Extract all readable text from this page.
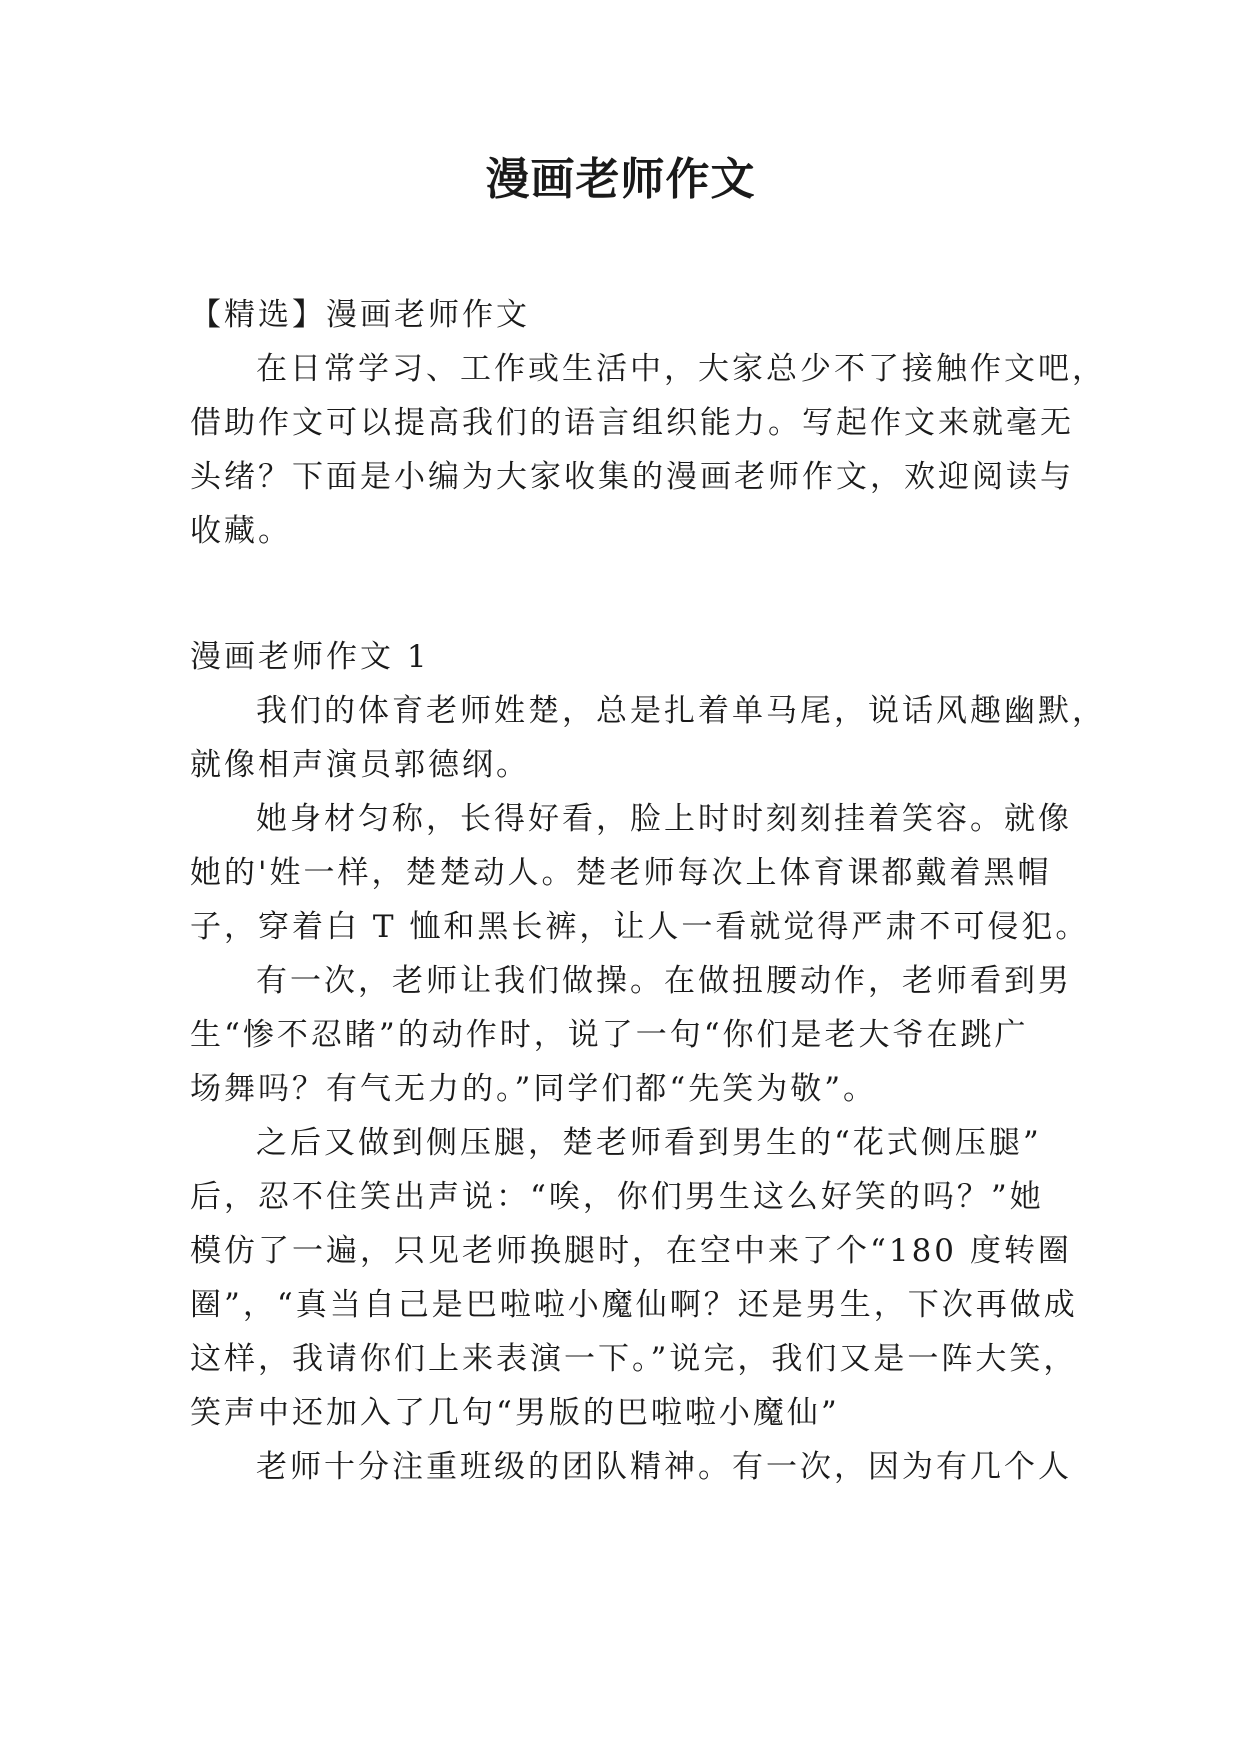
漫画老师作文

【精选】漫画老师作文

在日常学习、工作或生活中，大家总少不了接触作文吧，

借助作文可以提高我们的语言组织能力。写起作文来就毫无

头绪？下面是小编为大家收集的漫画老师作文，欢迎阅读与

收藏。

漫画老师作文 1

我们的体育老师姓楚，总是扎着单马尾，说话风趣幽默，

就像相声演员郭德纲。

她身材匀称，长得好看，脸上时时刻刻挂着笑容。就像

她的'姓一样，楚楚动人。楚老师每次上体育课都戴着黑帽

子，穿着白 T 恤和黑长裤，让人一看就觉得严肃不可侵犯。

有一次，老师让我们做操。在做扭腰动作，老师看到男

生“惨不忍睹”的动作时，说了一句“你们是老大爷在跳广

场舞吗？有气无力的。”同学们都“先笑为敬”。

之后又做到侧压腿，楚老师看到男生的“花式侧压腿”

后，忍不住笑出声说：“唉，你们男生这么好笑的吗？”她

模仿了一遍，只见老师换腿时，在空中来了个“180 度转圈

圈”，“真当自己是巴啦啦小魔仙啊？还是男生，下次再做成

这样，我请你们上来表演一下。”说完，我们又是一阵大笑，

笑声中还加入了几句“男版的巴啦啦小魔仙”

老师十分注重班级的团队精神。有一次，因为有几个人
